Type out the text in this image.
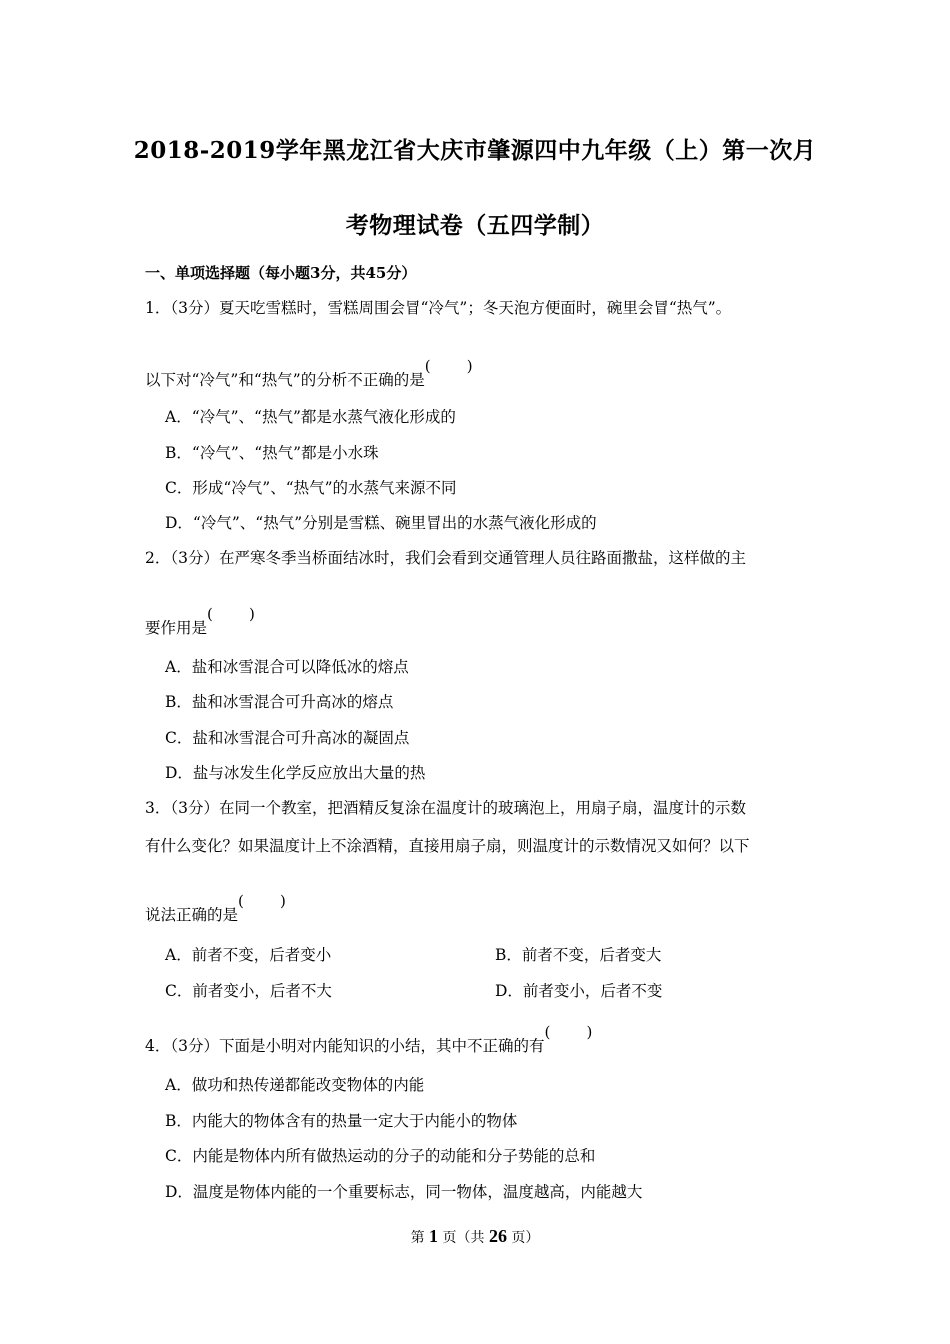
2018-2019学年黑龙江省大庆市肇源四中九年级（上）第一次月
考物理试卷（五四学制）
一、单项选择题（每小题3分，共45分）
1．（3分）夏天吃雪糕时，雪糕周围会冒“冷气”；冬天泡方便面时，碗里会冒“热气”。
以下对“冷气”和“热气”的分析不正确的是
( )
A．“冷气”、“热气”都是水蒸气液化形成的
B．“冷气”、“热气”都是小水珠
C．形成“冷气”、“热气”的水蒸气来源不同
D．“冷气”、“热气”分别是雪糕、碗里冒出的水蒸气液化形成的
2．（3分）在严寒冬季当桥面结冰时，我们会看到交通管理人员往路面撒盐，这样做的主
要作用是
( )
A．盐和冰雪混合可以降低冰的熔点
B．盐和冰雪混合可升高冰的熔点
C．盐和冰雪混合可升高冰的凝固点
D．盐与冰发生化学反应放出大量的热
3．（3分）在同一个教室，把酒精反复涂在温度计的玻璃泡上，用扇子扇，温度计的示数
有什么变化？如果温度计上不涂酒精，直接用扇子扇，则温度计的示数情况又如何？以下
说法正确的是
( )
A．前者不变，后者变小	B．前者不变，后者变大
C．前者变小，后者不大	D．前者变小，后者不变
4．（3分）下面是小明对内能知识的小结，其中不正确的有
( )
A．做功和热传递都能改变物体的内能
B．内能大的物体含有的热量一定大于内能小的物体
C．内能是物体内所有做热运动的分子的动能和分子势能的总和
D．温度是物体内能的一个重要标志，同一物体，温度越高，内能越大
第 1 页（共 26 页）
